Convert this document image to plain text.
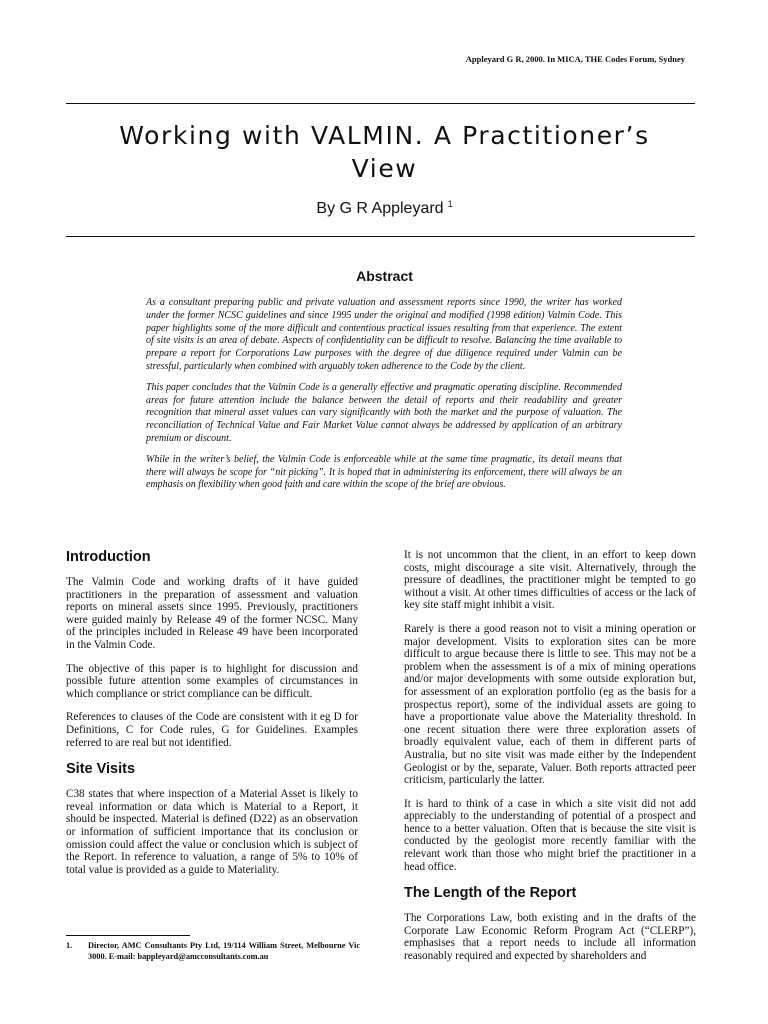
Appleyard G R, 2000. In MICA, THE Codes Forum, Sydney
Working with VALMIN. A Practitioner’s
View
By G R Appleyard $^1$
Abstract

As a consultant preparing public and private valuation and assessment reports since 1990, the writer has worked under the former NCSC guidelines and since 1995 under the original and modified (1998 edition) Valmin Code. This paper highlights some of the more difficult and contentious practical issues resulting from that experience. The extent of site visits is an area of debate. Aspects of confidentiality can be difficult to resolve. Balancing the time available to prepare a report for Corporations Law purposes with the degree of due diligence required under Valmin can be stressful, particularly when combined with arguably token adherence to the Code by the client.

This paper concludes that the Valmin Code is a generally effective and pragmatic operating discipline. Recommended areas for future attention include the balance between the detail of reports and their readability and greater recognition that mineral asset values can vary significantly with both the market and the purpose of valuation. The reconciliation of Technical Value and Fair Market Value cannot always be addressed by application of an arbitrary premium or discount.

While in the writer’s belief, the Valmin Code is enforceable while at the same time pragmatic, its detail means that there will always be scope for “nit picking”. It is hoped that in administering its enforcement, there will always be an emphasis on flexibility when good faith and care within the scope of the brief are obvious.

Introduction

The Valmin Code and working drafts of it have guided practitioners in the preparation of assessment and valuation reports on mineral assets since 1995. Previously, practitioners were guided mainly by Release 49 of the former NCSC. Many of the principles included in Release 49 have been incorporated in the Valmin Code.

The objective of this paper is to highlight for discussion and possible future attention some examples of circumstances in which compliance or strict compliance can be difficult.

References to clauses of the Code are consistent with it eg D for Definitions, C for Code rules, G for Guidelines. Examples referred to are real but not identified.

Site Visits

C38 states that where inspection of a Material Asset is likely to reveal information or data which is Material to a Report, it should be inspected. Material is defined (D22) as an observation or information of sufficient importance that its conclusion or omission could affect the value or conclusion which is subject of the Report. In reference to valuation, a range of 5% to 10% of total value is provided as a guide to Materiality.

It is not uncommon that the client, in an effort to keep down costs, might discourage a site visit. Alternatively, through the pressure of deadlines, the practitioner might be tempted to go without a visit. At other times difficulties of access or the lack of key site staff might inhibit a visit.

Rarely is there a good reason not to visit a mining operation or major development. Visits to exploration sites can be more difficult to argue because there is little to see. This may not be a problem when the assessment is of a mix of mining operations and/or major developments with some outside exploration but, for assessment of an exploration portfolio (eg as the basis for a prospectus report), some of the individual assets are going to have a proportionate value above the Materiality threshold. In one recent situation there were three exploration assets of broadly equivalent value, each of them in different parts of Australia, but no site visit was made either by the Independent Geologist or by the, separate, Valuer. Both reports attracted peer criticism, particularly the latter.

It is hard to think of a case in which a site visit did not add appreciably to the understanding of potential of a prospect and hence to a better valuation. Often that is because the site visit is conducted by the geologist more recently familiar with the relevant work than those who might brief the practitioner in a head office.

The Length of the Report

The Corporations Law, both existing and in the drafts of the Corporate Law Economic Reform Program Act (“CLERP”), emphasises that a report needs to include all information reasonably required and expected by shareholders and

1. Director, AMC Consultants Pty Ltd, 19/114 William Street, Melbourne Vic 3000. E-mail: bappleyard@amcconsultants.com.au
